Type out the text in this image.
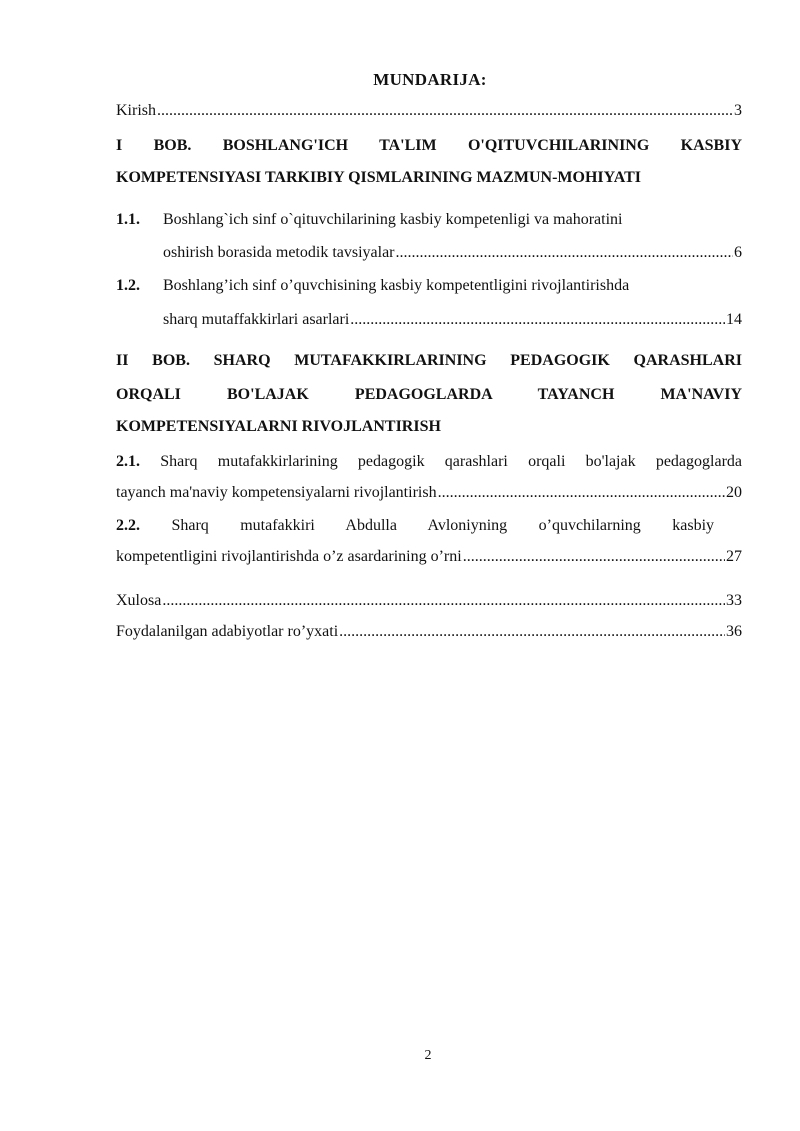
MUNDARIJA:
Kirish .....	3
I BOB. BOSHLANG'ICH TA'LIM O'QITUVCHILARINING KASBIY
KOMPETENSIYASI TARKIBIY QISMLARINING MAZMUN-MOHIYATI
1.1. Boshlang`ich sinf o`qituvchilarining kasbiy kompetenligi va mahoratini
oshirish borasida metodik tavsiyalar .....	6
1.2. Boshlang’ich sinf o’quvchisining kasbiy kompetentligini rivojlantirishda
sharq mutaffakkirlari asarlari .....	14
II BOB. SHARQ MUTAFAKKIRLARINING PEDAGOGIK QARASHLARI
ORQALI BO'LAJAK PEDAGOGLARDA TAYANCH MA'NAVIY
KOMPETENSIYALARNI RIVOJLANTIRISH
2.1. Sharq mutafakkirlarining pedagogik qarashlari orqali bo'lajak pedagoglarda
tayanch ma'naviy kompetensiyalarni rivojlantirish .....	20
2.2. Sharq mutafakkiri Abdulla Avloniyning o’quvchilarning kasbiy
kompetentligini rivojlantirishda o’z asardarining o’rni .....	27
Xulosa .....	33
Foydalanilgan adabiyotlar ro’yxati .....	36
2
